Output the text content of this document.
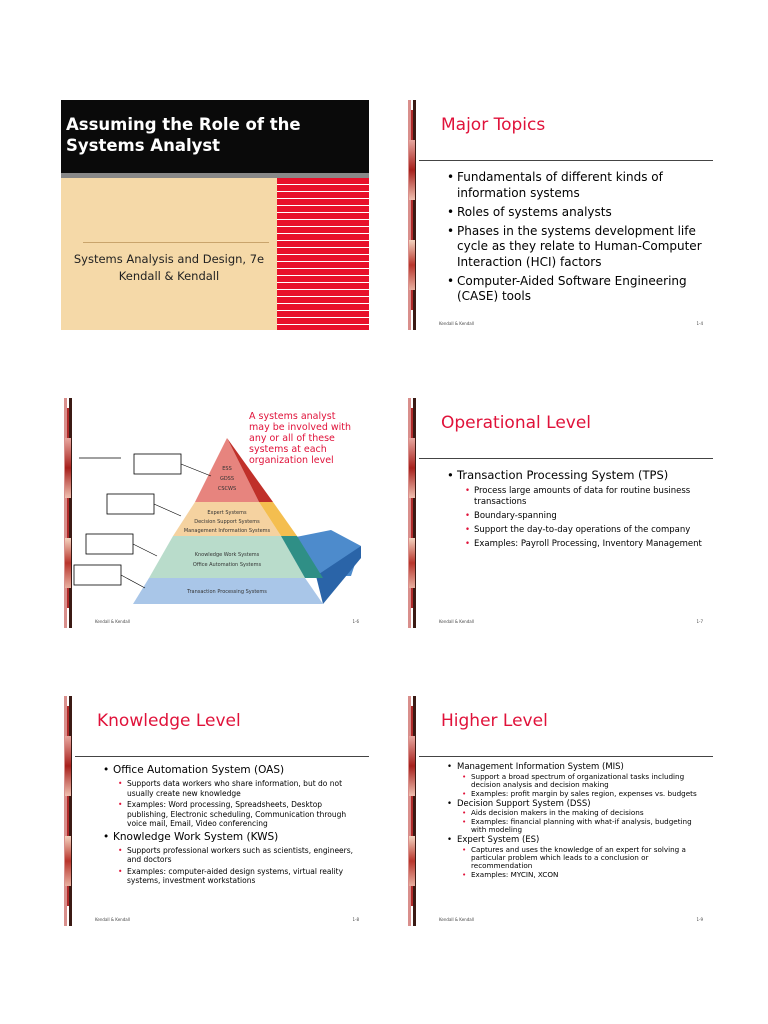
Assuming the Role of the Systems Analyst
Systems Analysis and Design, 7e
Kendall & Kendall
Major Topics
• Fundamentals of different kinds of information systems
• Roles of systems analysts
• Phases in the systems development life cycle as they relate to Human-Computer Interaction (HCI) factors
• Computer-Aided Software Engineering (CASE) tools
Kendall & Kendall	1-4
ESS
GDSS
CSCWS
Expert Systems
Decision Support Systems
Management Information Systems
Knowledge Work Systems
Office Automation Systems
Transaction Processing Systems
A systems analyst may be involved with any or all of these systems at each organization level
Kendall & Kendall	1-6
Operational Level
• Transaction Processing System (TPS)
• Process large amounts of data for routine business transactions
• Boundary-spanning
• Support the day-to-day operations of the company
• Examples: Payroll Processing, Inventory Management
Kendall & Kendall	1-7
Knowledge Level
• Office Automation System (OAS)
• Supports data workers who share information, but do not usually create new knowledge
• Examples: Word processing, Spreadsheets, Desktop publishing, Electronic scheduling, Communication through voice mail, Email, Video conferencing
• Knowledge Work System (KWS)
• Supports professional workers such as scientists, engineers, and doctors
• Examples: computer-aided design systems, virtual reality systems, investment workstations
Kendall & Kendall	1-8
Higher Level
• Management Information System (MIS)
• Support a broad spectrum of organizational tasks including decision analysis and decision making
• Examples: profit margin by sales region, expenses vs. budgets
• Decision Support System (DSS)
• Aids decision makers in the making of decisions
• Examples: financial planning with what-if analysis, budgeting with modeling
• Expert System (ES)
• Captures and uses the knowledge of an expert for solving a particular problem which leads to a conclusion or recommendation
• Examples: MYCIN, XCON
Kendall & Kendall	1-9
